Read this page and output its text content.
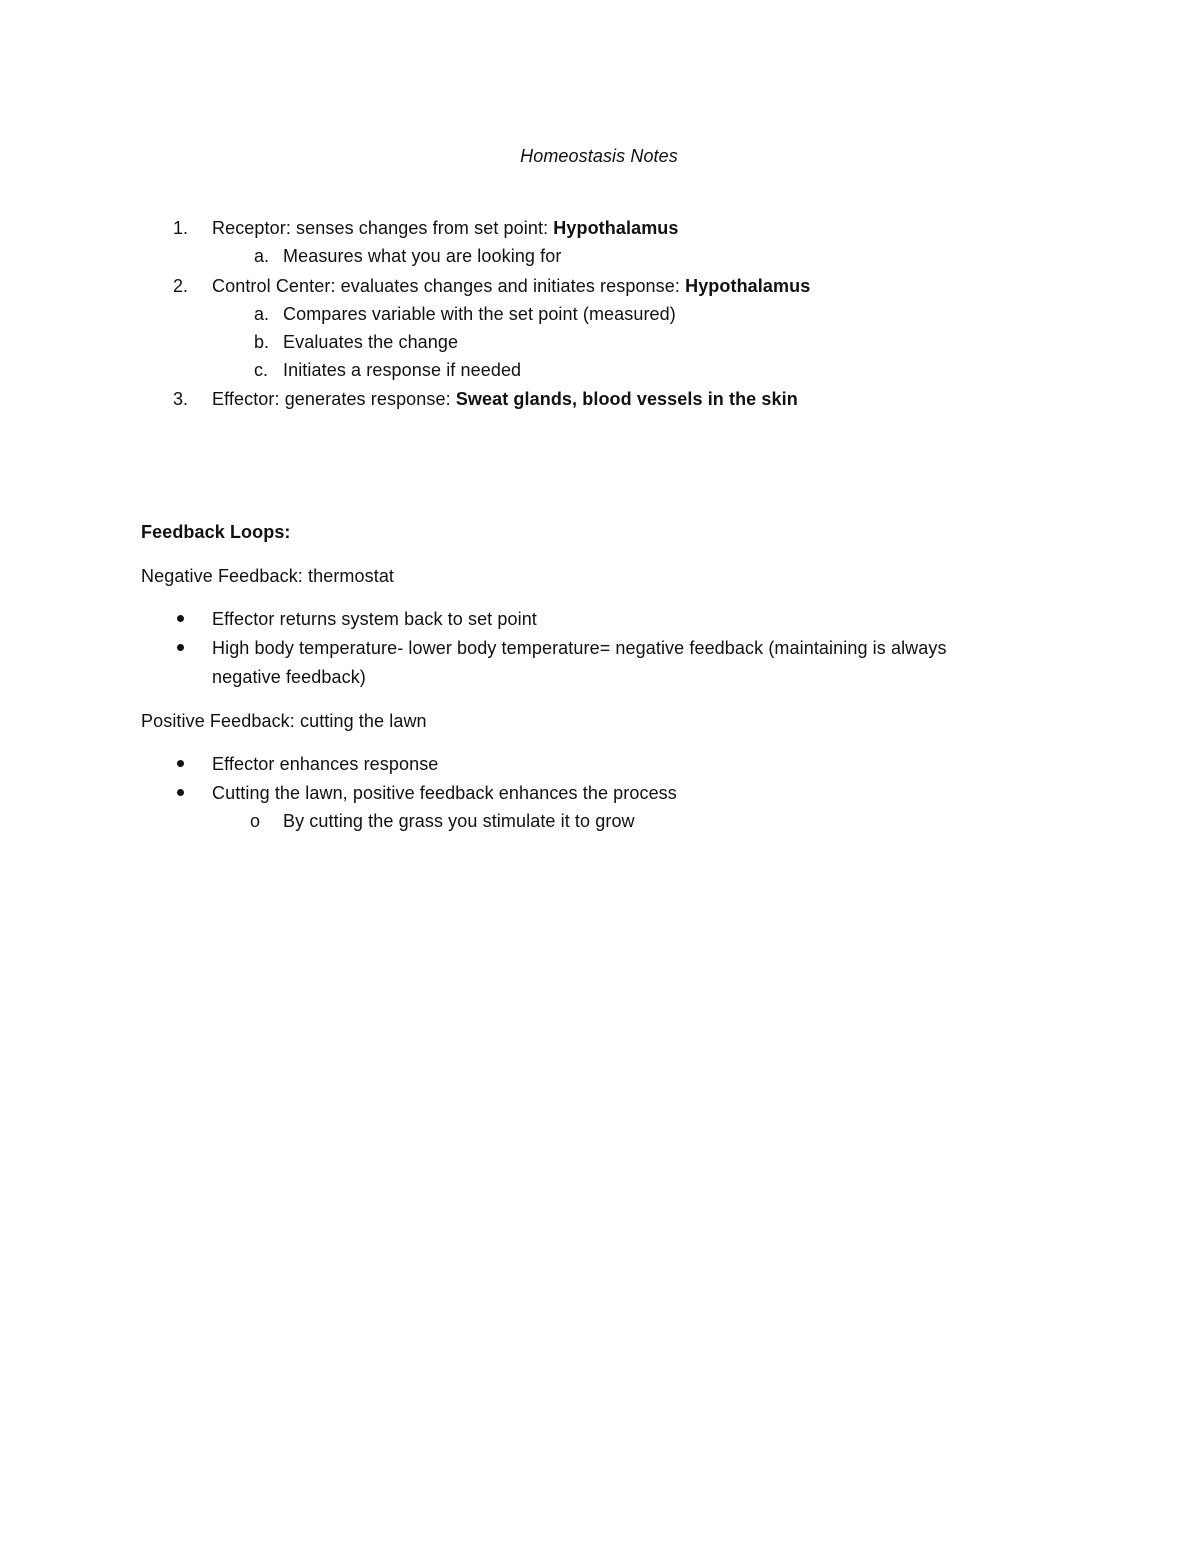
Homeostasis Notes
1. Receptor: senses changes from set point: Hypothalamus
a. Measures what you are looking for
2. Control Center: evaluates changes and initiates response: Hypothalamus
a. Compares variable with the set point (measured)
b. Evaluates the change
c. Initiates a response if needed
3. Effector: generates response: Sweat glands, blood vessels in the skin
Feedback Loops:
Negative Feedback: thermostat
Effector returns system back to set point
High body temperature- lower body temperature= negative feedback (maintaining is always
negative feedback)
Positive Feedback: cutting the lawn
Effector enhances response
Cutting the lawn, positive feedback enhances the process
o By cutting the grass you stimulate it to grow
